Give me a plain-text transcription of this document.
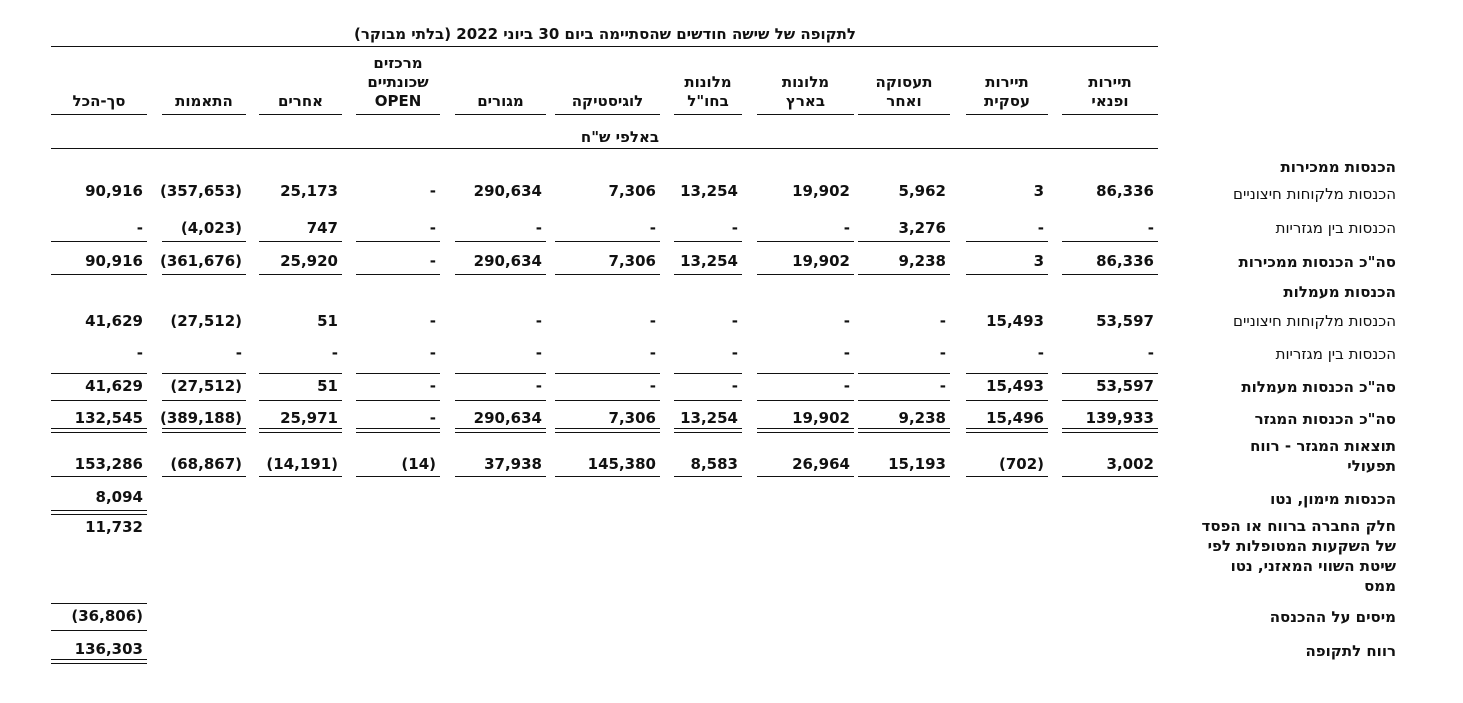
לתקופה של שישה חודשים שהסתיימה ביום 30 ביוני 2022 (בלתי מבוקר)
תיירות
ופנאי
תיירות
עסקית
תעסוקה
ואחר
מלונות
בארץ
מלונות
בחו"ל
לוגיסטיקה
מגורים
מרכזים
שכונתיים
OPEN
אחרים
התאמות
סך-הכל
באלפי ש"ח
הכנסות ממכירות
הכנסות מלקוחות חיצוניים
86,336
3
5,962
19,902
13,254
7,306
290,634
-
25,173
(357,653)
90,916
הכנסות בין מגזריות
-
-
3,276
-
-
-
-
-
747
(4,023)
-
סה"כ הכנסות ממכירות
86,336
3
9,238
19,902
13,254
7,306
290,634
-
25,920
(361,676)
90,916
הכנסות מעמלות
הכנסות מלקוחות חיצוניים
53,597
15,493
-
-
-
-
-
-
51
(27,512)
41,629
הכנסות בין מגזריות
-
-
-
-
-
-
-
-
-
-
-
סה"כ הכנסות מעמלות
53,597
15,493
-
-
-
-
-
-
51
(27,512)
41,629
סה"כ הכנסות המגזר
139,933
15,496
9,238
19,902
13,254
7,306
290,634
-
25,971
(389,188)
132,545
תוצאות המגזר - רווח
תפעולי
3,002
(702)
15,193
26,964
8,583
145,380
37,938
(14)
(14,191)
(68,867)
153,286
הכנסות מימון, נטו
8,094
חלק החברה ברווח או הפסד
של השקעות המטופלות לפי
שיטת השווי המאזני, נטו
ממס
11,732
מיסים על ההכנסה
(36,806)
רווח לתקופה
136,303
